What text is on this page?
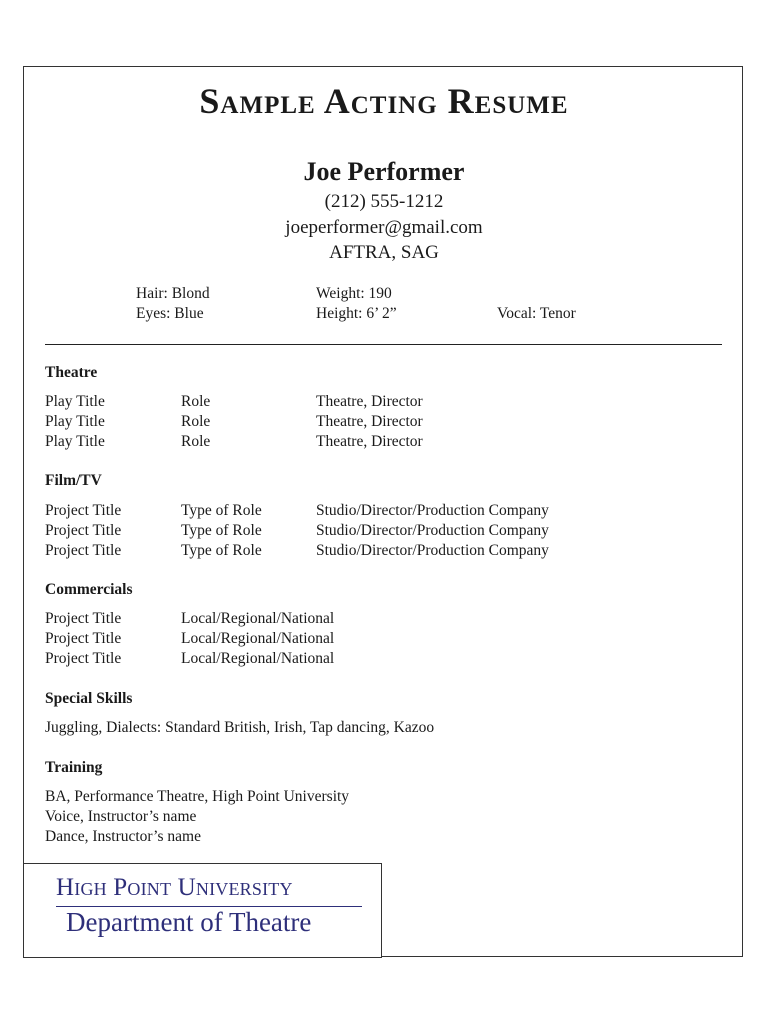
Sample Acting Resume
Joe Performer
(212) 555-1212
joeperformer@gmail.com
AFTRA, SAG
Hair: Blond	Weight: 190
Eyes: Blue	Height: 6’ 2”	Vocal: Tenor
Theatre
Play Title	Role	Theatre, Director
Play Title	Role	Theatre, Director
Play Title	Role	Theatre, Director
Film/TV
Project Title	Type of Role	Studio/Director/Production Company
Project Title	Type of Role	Studio/Director/Production Company
Project Title	Type of Role	Studio/Director/Production Company
Commercials
Project Title	Local/Regional/National
Project Title	Local/Regional/National
Project Title	Local/Regional/National
Special Skills
Juggling, Dialects: Standard British, Irish, Tap dancing, Kazoo
Training
BA, Performance Theatre, High Point University
Voice, Instructor’s name
Dance, Instructor’s name
High Point University
Department of Theatre
